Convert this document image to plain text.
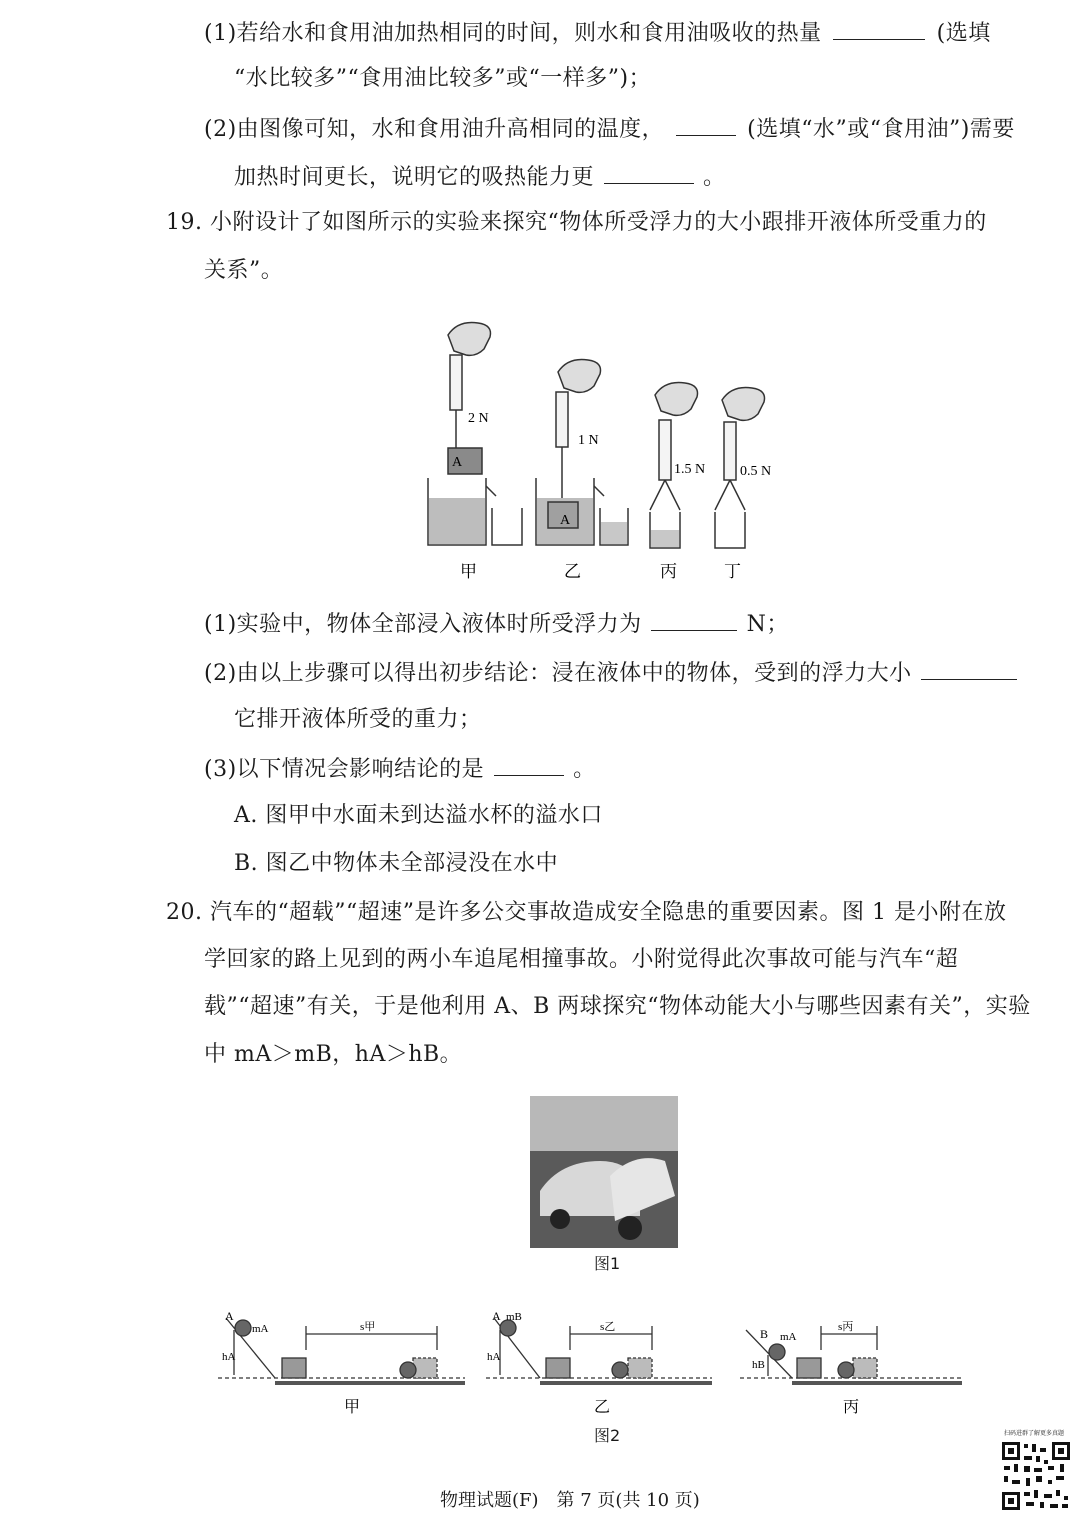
(1)若给水和食用油加热相同的时间，则水和食用油吸收的热量	(选填
“水比较多”“食用油比较多”或“一样多”)；
(2)由图像可知，水和食用油升高相同的温度，	(选填“水”或“食用油”)需要
加热时间更长，说明它的吸热能力更	。
19. 小附设计了如图所示的实验来探究“物体所受浮力的大小跟排开液体所受重力的
关系”。
2 N
A
1 N
A
1.5 N 0.5 N
甲	乙	丙	丁
(1)实验中，物体全部浸入液体时所受浮力为	N；
(2)由以上步骤可以得出初步结论：浸在液体中的物体，受到的浮力大小
它排开液体所受的重力；
(3)以下情况会影响结论的是	。
A. 图甲中水面未到达溢水杯的溢水口
B. 图乙中物体未全部浸没在水中
20. 汽车的“超载”“超速”是许多公交事故造成安全隐患的重要因素。图 1 是小附在放
学回家的路上见到的两小车追尾相撞事故。小附觉得此次事故可能与汽车“超
载”“超速”有关，于是他利用 A、B 两球探究“物体动能大小与哪些因素有关”，实验
中 mA＞mB，hA＞hB。
图1
A
mA
hA
s甲
甲
A mB
hA
s乙
乙
B mA
hB
s丙
丙
图2
物理试题(F)　第 7 页(共 10 页)
扫码进群了解更多真题
